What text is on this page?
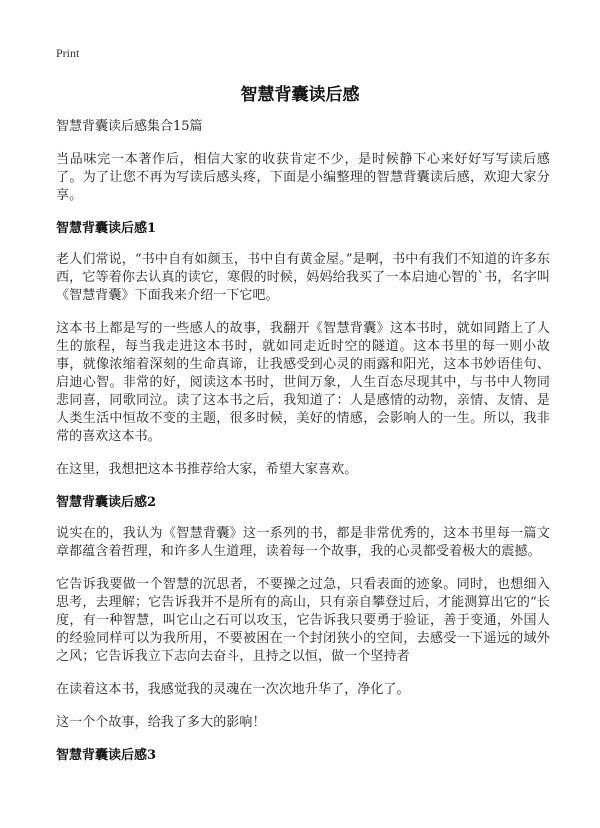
Print
智慧背囊读后感
智慧背囊读后感集合15篇

当品味完一本著作后，相信大家的收获肯定不少，是时候静下心来好好写写读后感了。为了让您不再为写读后感头疼，下面是小编整理的智慧背囊读后感，欢迎大家分享。

智慧背囊读后感1

老人们常说，“书中自有如颜玉，书中自有黄金屋。”是啊，书中有我们不知道的许多东西，它等着你去认真的读它，寒假的时候，妈妈给我买了一本启迪心智的`书，名字叫《智慧背囊》下面我来介绍一下它吧。

这本书上都是写的一些感人的故事，我翻开《智慧背囊》这本书时，就如同踏上了人生的旅程，每当我走进这本书时，就如同走近时空的隧道。这本书里的每一则小故事，就像浓缩着深刻的生命真谛，让我感受到心灵的雨露和阳光，这本书妙语佳句、启迪心智。非常的好，阅读这本书时，世间万象，人生百态尽现其中，与书中人物同悲同喜，同歌同泣。读了这本书之后，我知道了：人是感情的动物，亲情、友情、是人类生活中恒故不变的主题，很多时候，美好的情感，会影响人的一生。所以，我非常的喜欢这本书。

在这里，我想把这本书推荐给大家，希望大家喜欢。

智慧背囊读后感2

说实在的，我认为《智慧背囊》这一系列的书，都是非常优秀的，这本书里每一篇文章都蕴含着哲理，和许多人生道理，读着每一个故事，我的心灵都受着极大的震撼。

它告诉我要做一个智慧的沉思者，不要操之过急，只看表面的迹象。同时，也想细入思考，去理解；它告诉我并不是所有的高山，只有亲自攀登过后，才能测算出它的“长度，有一种智慧，叫它山之石可以攻玉，它告诉我只要勇于验证，善于变通，外国人的经验同样可以为我所用，不要被困在一个封闭狭小的空间，去感受一下遥远的域外之风；它告诉我立下志向去奋斗，且持之以恒，做一个坚持者

在读着这本书，我感觉我的灵魂在一次次地升华了，净化了。

这一个个故事，给我了多大的影响！

智慧背囊读后感3
